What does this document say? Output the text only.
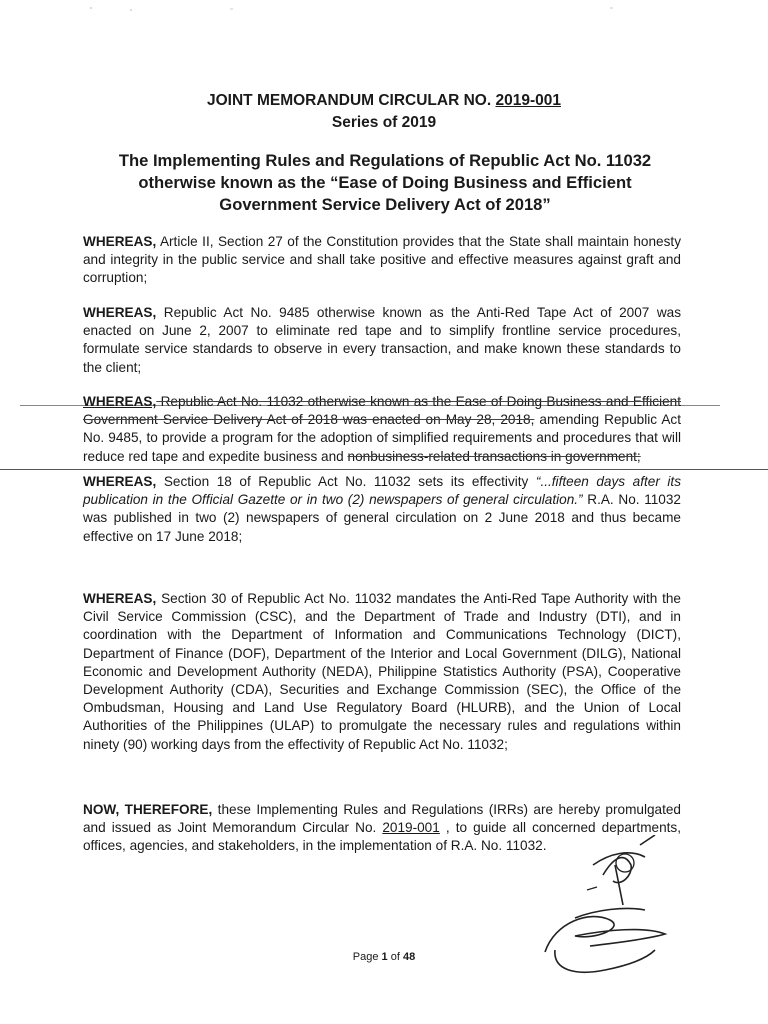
JOINT MEMORANDUM CIRCULAR NO. 2019-001
Series of 2019
The Implementing Rules and Regulations of Republic Act No. 11032 otherwise known as the “Ease of Doing Business and Efficient Government Service Delivery Act of 2018”
WHEREAS, Article II, Section 27 of the Constitution provides that the State shall maintain honesty and integrity in the public service and shall take positive and effective measures against graft and corruption;
WHEREAS, Republic Act No. 9485 otherwise known as the Anti-Red Tape Act of 2007 was enacted on June 2, 2007 to eliminate red tape and to simplify frontline service procedures, formulate service standards to observe in every transaction, and make known these standards to the client;
WHEREAS, Republic Act No. 11032 otherwise known as the Ease of Doing Business and Efficient Government Service Delivery Act of 2018 was enacted on May 28, 2018, amending Republic Act No. 9485, to provide a program for the adoption of simplified requirements and procedures that will reduce red tape and expedite business and nonbusiness-related transactions in government;
WHEREAS, Section 18 of Republic Act No. 11032 sets its effectivity “...fifteen days after its publication in the Official Gazette or in two (2) newspapers of general circulation.” R.A. No. 11032 was published in two (2) newspapers of general circulation on 2 June 2018 and thus became effective on 17 June 2018;
WHEREAS, Section 30 of Republic Act No. 11032 mandates the Anti-Red Tape Authority with the Civil Service Commission (CSC), and the Department of Trade and Industry (DTI), and in coordination with the Department of Information and Communications Technology (DICT), Department of Finance (DOF), Department of the Interior and Local Government (DILG), National Economic and Development Authority (NEDA), Philippine Statistics Authority (PSA), Cooperative Development Authority (CDA), Securities and Exchange Commission (SEC), the Office of the Ombudsman, Housing and Land Use Regulatory Board (HLURB), and the Union of Local Authorities of the Philippines (ULAP) to promulgate the necessary rules and regulations within ninety (90) working days from the effectivity of Republic Act No. 11032;
NOW, THEREFORE, these Implementing Rules and Regulations (IRRs) are hereby promulgated and issued as Joint Memorandum Circular No. 2019-001 , to guide all concerned departments, offices, agencies, and stakeholders, in the implementation of R.A. No. 11032.
Page 1 of 48
